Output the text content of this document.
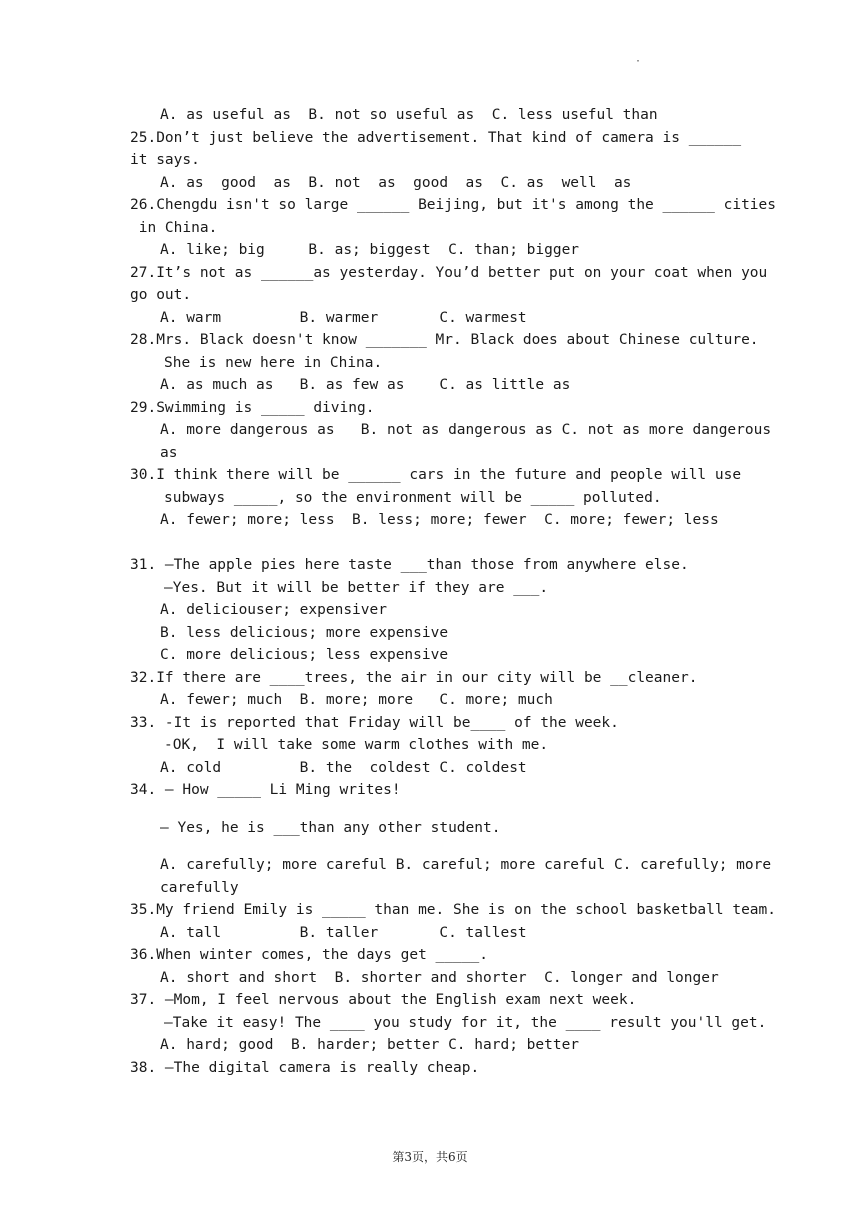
·
A. as useful as  B. not so useful as  C. less useful than
25.Don’t just believe the advertisement. That kind of camera is ______
it says.
A. as  good  as  B. not  as  good  as  C. as  well  as
26.Chengdu isn't so large ______ Beijing, but it's among the ______ cities
in China.
A. like; big     B. as; biggest  C. than; bigger
27.It’s not as ______as yesterday. You’d better put on your coat when you
go out.
A. warm         B. warmer       C. warmest
28.Mrs. Black doesn't know _______ Mr. Black does about Chinese culture.
She is new here in China.
A. as much as   B. as few as    C. as little as
29.Swimming is _____ diving.
A. more dangerous as   B. not as dangerous as C. not as more dangerous
as
30.I think there will be ______ cars in the future and people will use
subways _____, so the environment will be _____ polluted.
A. fewer; more; less  B. less; more; fewer  C. more; fewer; less
31. —The apple pies here taste ___than those from anywhere else.
—Yes. But it will be better if they are ___.
A. deliciouser; expensiver
B. less delicious; more expensive
C. more delicious; less expensive
32.If there are ____trees, the air in our city will be __cleaner.
A. fewer; much  B. more; more   C. more; much
33. -It is reported that Friday will be____ of the week.
-OK,  I will take some warm clothes with me.
A. cold         B. the  coldest C. coldest
34. — How _____ Li Ming writes!
— Yes, he is ___than any other student.
A. carefully; more careful B. careful; more careful C. carefully; more
carefully
35.My friend Emily is _____ than me. She is on the school basketball team.
A. tall         B. taller       C. tallest
36.When winter comes, the days get _____.
A. short and short  B. shorter and shorter  C. longer and longer
37. —Mom, I feel nervous about the English exam next week.
—Take it easy! The ____ you study for it, the ____ result you'll get.
A. hard; good  B. harder; better C. hard; better
38. —The digital camera is really cheap.
第3页，共6页
